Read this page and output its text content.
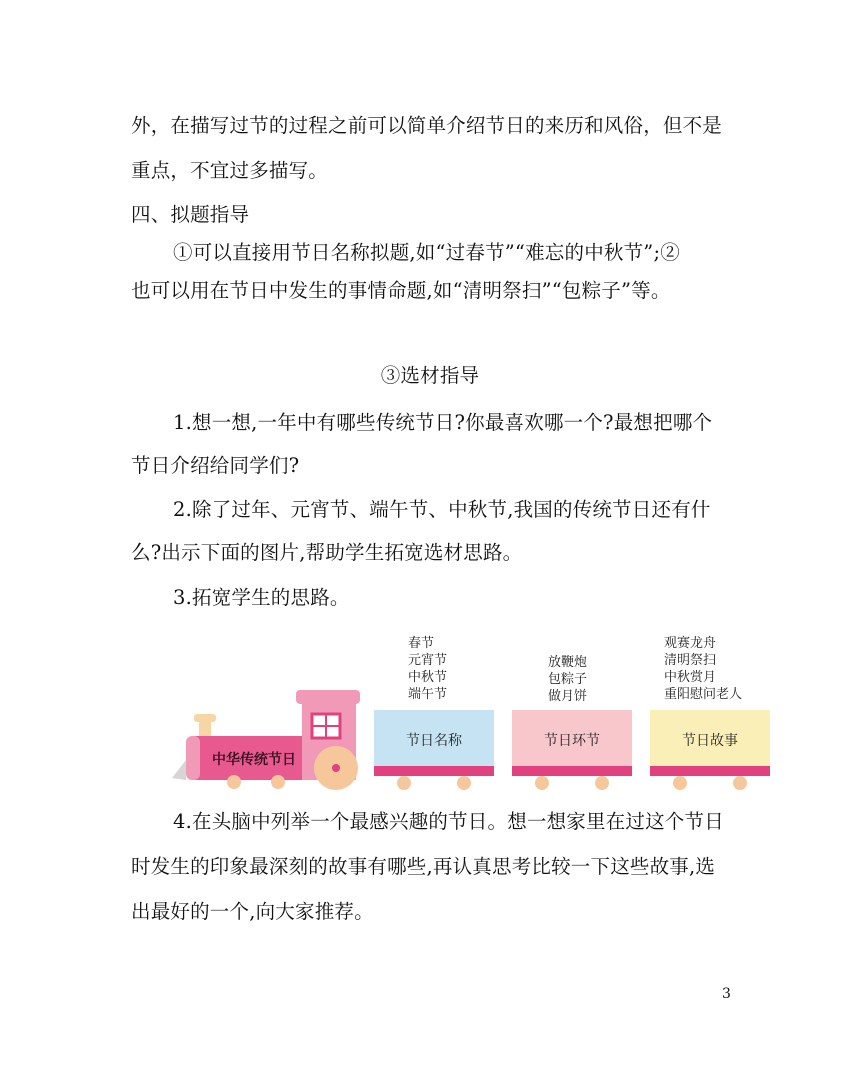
外，在描写过节的过程之前可以简单介绍节日的来历和风俗，但不是
重点，不宜过多描写。
四、拟题指导
①可以直接用节日名称拟题,如“过春节”“难忘的中秋节”;②
也可以用在节日中发生的事情命题,如“清明祭扫”“包粽子”等。
③选材指导
1.想一想,一年中有哪些传统节日?你最喜欢哪一个?最想把哪个
节日介绍给同学们?
2.除了过年、元宵节、端午节、中秋节,我国的传统节日还有什
么?出示下面的图片,帮助学生拓宽选材思路。
3.拓宽学生的思路。
中华传统节日
节日名称	节日环节	节日故事
春节
元宵节
中秋节
端午节
放鞭炮
包粽子
做月饼
观赛龙舟
清明祭扫
中秋赏月
重阳慰问老人
4.在头脑中列举一个最感兴趣的节日。想一想家里在过这个节日
时发生的印象最深刻的故事有哪些,再认真思考比较一下这些故事,选
出最好的一个,向大家推荐。
3
